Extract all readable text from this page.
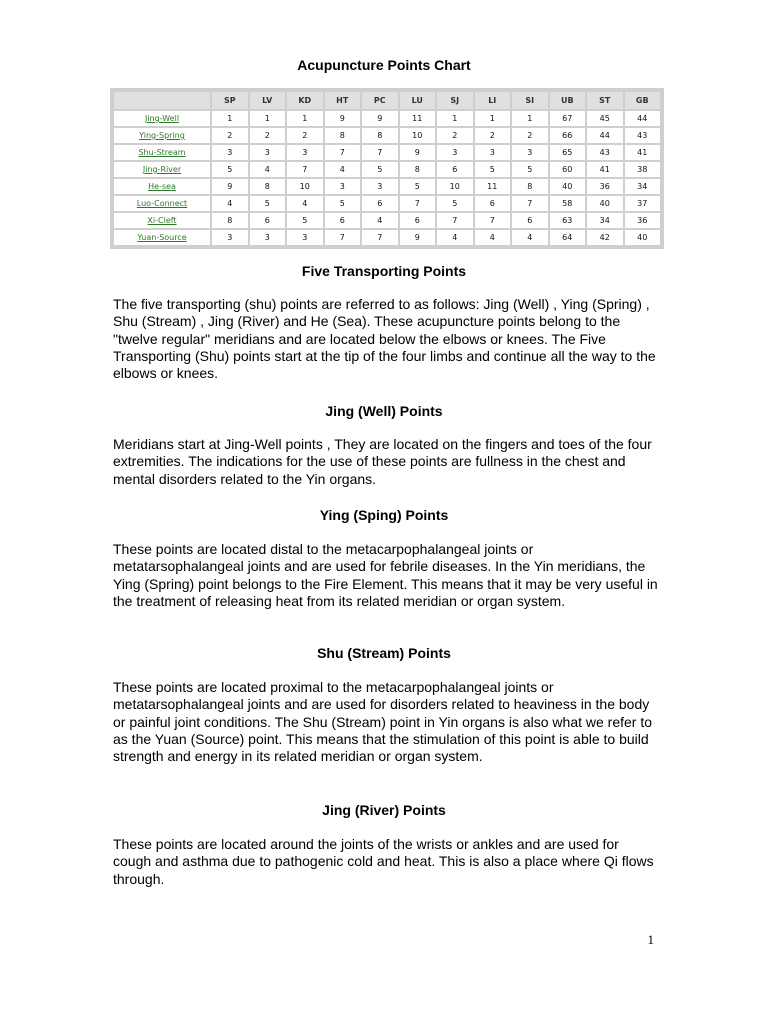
Acupuncture Points Chart
	SP	LV	KD	HT	PC	LU	SJ	LI	SI	UB	ST	GB
Jing-Well	1	1	1	9	9	11	1	1	1	67	45	44
Ying-Spring	2	2	2	8	8	10	2	2	2	66	44	43
Shu-Stream	3	3	3	7	7	9	3	3	3	65	43	41
Jing-River	5	4	7	4	5	8	6	5	5	60	41	38
He-sea	9	8	10	3	3	5	10	11	8	40	36	34
Luo-Connect	4	5	4	5	6	7	5	6	7	58	40	37
Xi-Cleft	8	6	5	6	4	6	7	7	6	63	34	36
Yuan-Source	3	3	3	7	7	9	4	4	4	64	42	40
Five Transporting Points

The five transporting (shu) points are referred to as follows: Jing (Well) , Ying (Spring) , Shu (Stream) , Jing (River) and He (Sea). These acupuncture points belong to the "twelve regular" meridians and are located below the elbows or knees. The Five Transporting (Shu) points start at the tip of the four limbs and continue all the way to the elbows or knees.

Jing (Well) Points

Meridians start at Jing-Well points , They are located on the fingers and toes of the four extremities. The indications for the use of these points are fullness in the chest and mental disorders related to the Yin organs.

Ying (Sping) Points

These points are located distal to the metacarpophalangeal joints or metatarsophalangeal joints and are used for febrile diseases. In the Yin meridians, the Ying (Spring) point belongs to the Fire Element. This means that it may be very useful in the treatment of releasing heat from its related meridian or organ system.

Shu (Stream) Points

These points are located proximal to the metacarpophalangeal joints or metatarsophalangeal joints and are used for disorders related to heaviness in the body or painful joint conditions. The Shu (Stream) point in Yin organs is also what we refer to as the Yuan (Source) point. This means that the stimulation of this point is able to build strength and energy in its related meridian or organ system.

Jing (River) Points

These points are located around the joints of the wrists or ankles and are used for cough and asthma due to pathogenic cold and heat. This is also a place where Qi flows through.

1
